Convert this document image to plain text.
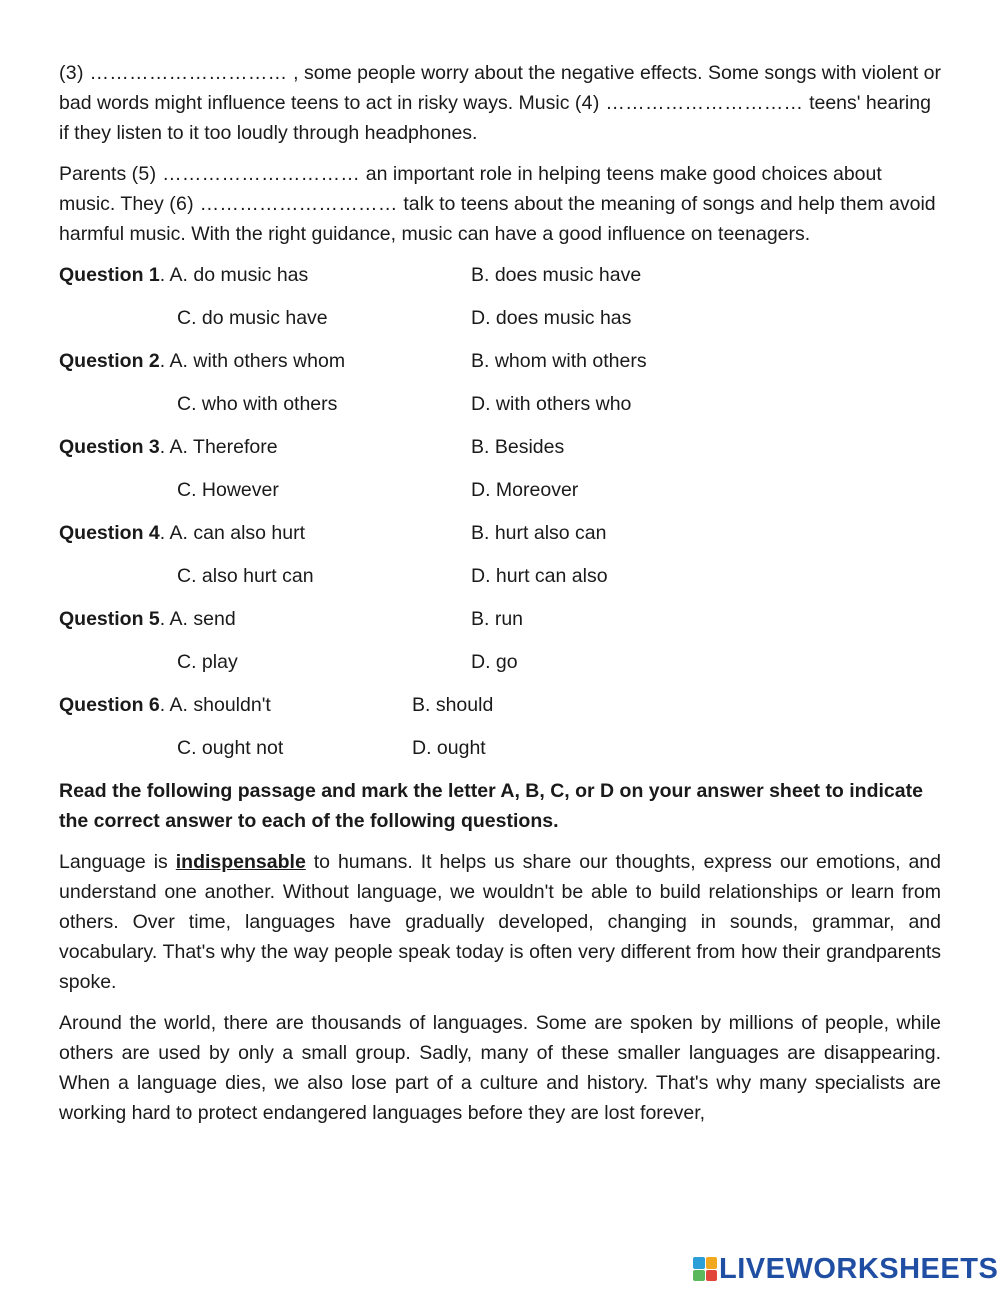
(3) ………………………… , some people worry about the negative effects. Some songs with violent or bad words might influence teens to act in risky ways. Music (4) ………………………… teens' hearing if they listen to it too loudly through headphones.

Parents (5) ………………………… an important role in helping teens make good choices about music. They (6) ………………………… talk to teens about the meaning of songs and help them avoid harmful music. With the right guidance, music can have a good influence on teenagers.

Question 1. A. do music has	B. does music have
C. do music have	D. does music has
Question 2. A. with others whom	B. whom with others
C. who with others	D. with others who
Question 3. A. Therefore	B. Besides
C. However	D. Moreover
Question 4. A. can also hurt	B. hurt also can
C. also hurt can	D. hurt can also
Question 5. A. send	B. run
C. play	D. go
Question 6. A. shouldn't	B. should
C. ought not	D. ought

Read the following passage and mark the letter A, B, C, or D on your answer sheet to indicate the correct answer to each of the following questions.

Language is indispensable to humans. It helps us share our thoughts, express our emotions, and understand one another. Without language, we wouldn't be able to build relationships or learn from others. Over time, languages have gradually developed, changing in sounds, grammar, and vocabulary. That's why the way people speak today is often very different from how their grandparents spoke.

Around the world, there are thousands of languages. Some are spoken by millions of people, while others are used by only a small group. Sadly, many of these smaller languages are disappearing. When a language dies, we also lose part of a culture and history. That's why many specialists are working hard to protect endangered languages before they are lost forever,

LIVEWORKSHEETS
